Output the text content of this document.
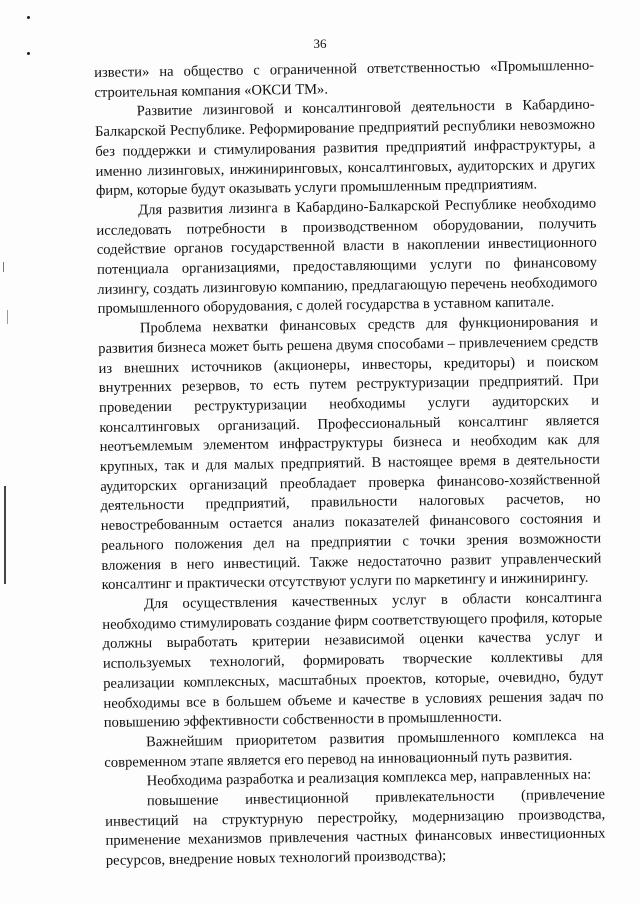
36

извести» на общество с ограниченной ответственностью «Промышленно-строительная компания «ОКСИ ТМ».

Развитие лизинговой и консалтинговой деятельности в Кабардино-Балкарской Республике. Реформирование предприятий республики невозможно без поддержки и стимулирования развития предприятий инфраструктуры, а именно лизинговых, инжиниринговых, консалтинговых, аудиторских и других фирм, которые будут оказывать услуги промышленным предприятиям.

Для развития лизинга в Кабардино-Балкарской Республике необходимо исследовать потребности в производственном оборудовании, получить содействие органов государственной власти в накоплении инвестиционного потенциала организациями, предоставляющими услуги по финансовому лизингу, создать лизинговую компанию, предлагающую перечень необходимого промышленного оборудования, с долей государства в уставном капитале.

Проблема нехватки финансовых средств для функционирования и развития бизнеса может быть решена двумя способами – привлечением средств из внешних источников (акционеры, инвесторы, кредиторы) и поиском внутренних резервов, то есть путем реструктуризации предприятий. При проведении реструктуризации необходимы услуги аудиторских и консалтинговых организаций. Профессиональный консалтинг является неотъемлемым элементом инфраструктуры бизнеса и необходим как для крупных, так и для малых предприятий. В настоящее время в деятельности аудиторских организаций преобладает проверка финансово-хозяйственной деятельности предприятий, правильности налоговых расчетов, но невостребованным остается анализ показателей финансового состояния и реального положения дел на предприятии с точки зрения возможности вложения в него инвестиций. Также недостаточно развит управленческий консалтинг и практически отсутствуют услуги по маркетингу и инжинирингу.

Для осуществления качественных услуг в области консалтинга необходимо стимулировать создание фирм соответствующего профиля, которые должны выработать критерии независимой оценки качества услуг и используемых технологий, формировать творческие коллективы для реализации комплексных, масштабных проектов, которые, очевидно, будут необходимы все в большем объеме и качестве в условиях решения задач по повышению эффективности собственности в промышленности.

Важнейшим приоритетом развития промышленного комплекса на современном этапе является его перевод на инновационный путь развития.

Необходима разработка и реализация комплекса мер, направленных на:

повышение инвестиционной привлекательности (привлечение инвестиций на структурную перестройку, модернизацию производства, применение механизмов привлечения частных финансовых инвестиционных ресурсов, внедрение новых технологий производства);
